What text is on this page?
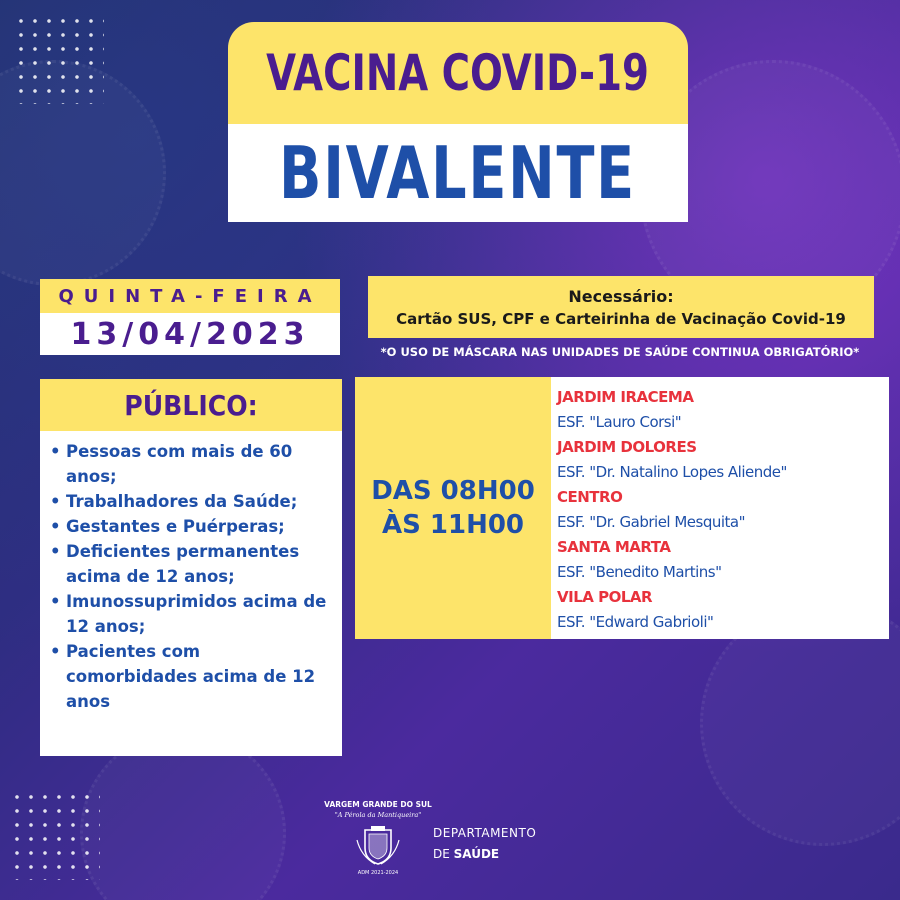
VACINA COVID-19
BIVALENTE
QUINTA-FEIRA
13/04/2023
Necessário:
Cartão SUS, CPF e Carteirinha de Vacinação Covid-19
*O USO DE MÁSCARA NAS UNIDADES DE SAÚDE CONTINUA OBRIGATÓRIO*
PÚBLICO:
• Pessoas com mais de 60 anos;
• Trabalhadores da Saúde;
• Gestantes e Puérperas;
• Deficientes permanentes acima de 12 anos;
• Imunossuprimidos acima de 12 anos;
• Pacientes com comorbidades acima de 12 anos
DAS 08H00
ÀS 11H00
JARDIM IRACEMA
ESF. "Lauro Corsi"
JARDIM DOLORES
ESF. "Dr. Natalino Lopes Aliende"
CENTRO
ESF. "Dr. Gabriel Mesquita"
SANTA MARTA
ESF. "Benedito Martins"
VILA POLAR
ESF. "Edward Gabrioli"
VARGEM GRANDE DO SUL
"A Pérola da Mantiqueira"
ADM 2021-2024
DEPARTAMENTO
DE SAÚDE
